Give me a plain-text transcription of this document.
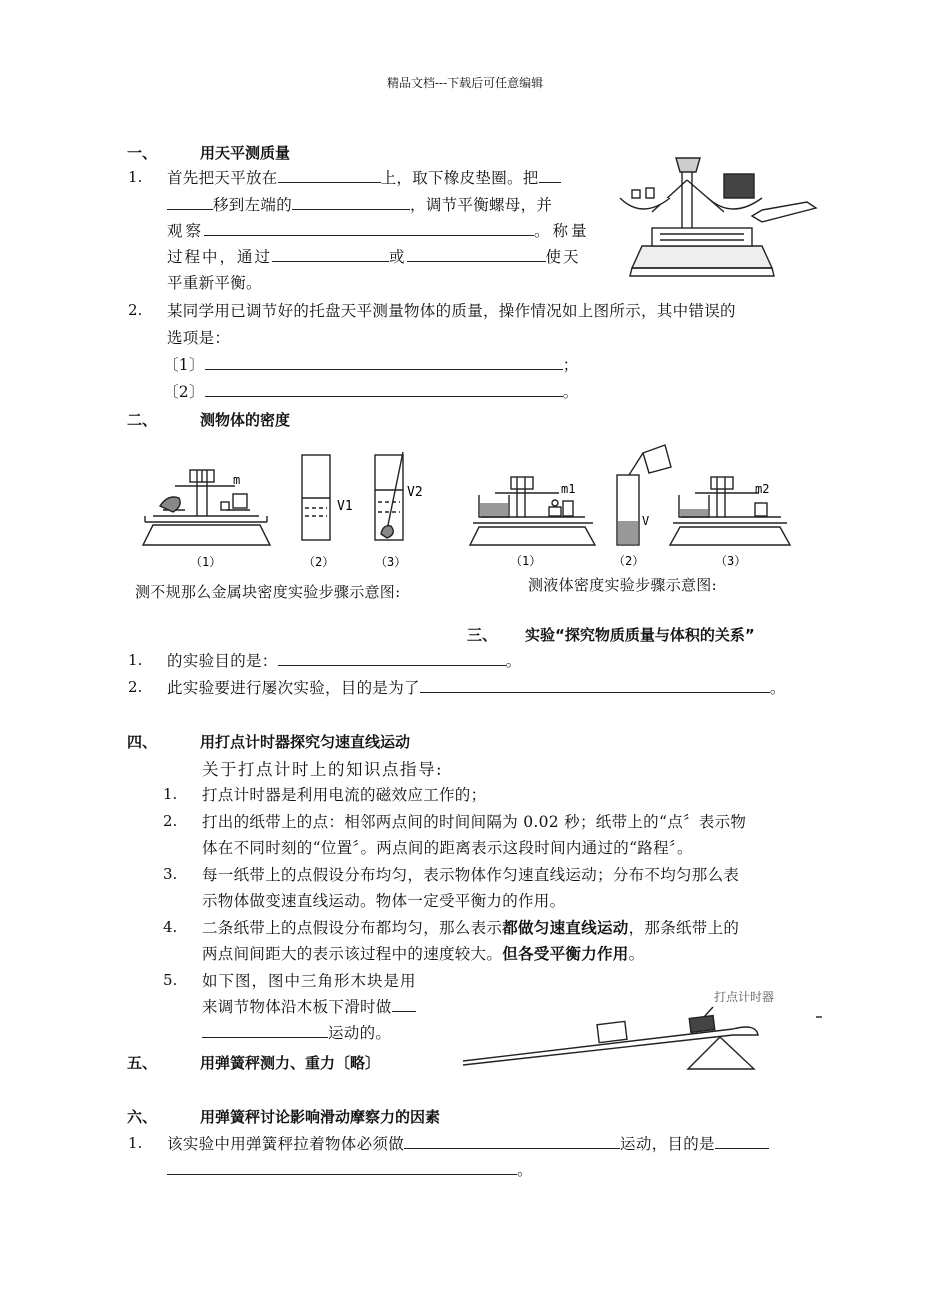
精品文档---下载后可任意编辑
一、	用天平测质量
1. 首先把天平放在	上，取下橡皮垫圈。把
移到左端的	，调节平衡螺母，并
观察	。称量
过程中，通过	或	使天
平重新平衡。
2. 某同学用已调节好的托盘天平测量物体的质量，操作情况如上图所示，其中错误的
选项是：
〔1〕	；
〔2〕	。
二、	测物体的密度
m
V1
V2
（1）	（2）	（3）
m1
V
m2
（1）	（2）	（3）
测不规那么金属块密度实验步骤示意图:	测液体密度实验步骤示意图:
三、 实验“探究物质质量与体积的关系”
1. 的实验目的是：	。
2. 此实验要进行屡次实验，目的是为了	。
四、	用打点计时器探究匀速直线运动
关于打点计时上的知识点指导:
1. 打点计时器是利用电流的磁效应工作的；
2. 打出的纸带上的点：相邻两点间的时间间隔为 0.02 秒；纸带上的“点〞表示物
体在不同时刻的“位置〞。两点间的距离表示这段时间内通过的“路程〞。
3. 每一纸带上的点假设分布均匀，表示物体作匀速直线运动；分布不均匀那么表
示物体做变速直线运动。物体一定受平衡力的作用。
4. 二条纸带上的点假设分布都均匀，那么表示都做匀速直线运动，那条纸带上的
两点间间距大的表示该过程中的速度较大。但各受平衡力作用。
5. 如下图，图中三角形木块是用
来调节物体沿木板下滑时做
运动的。
打点计时器
五、	用弹簧秤测力、重力〔略〕
六、	用弹簧秤讨论影响滑动摩察力的因素
1. 该实验中用弹簧秤拉着物体必须做	运动，目的是
。
